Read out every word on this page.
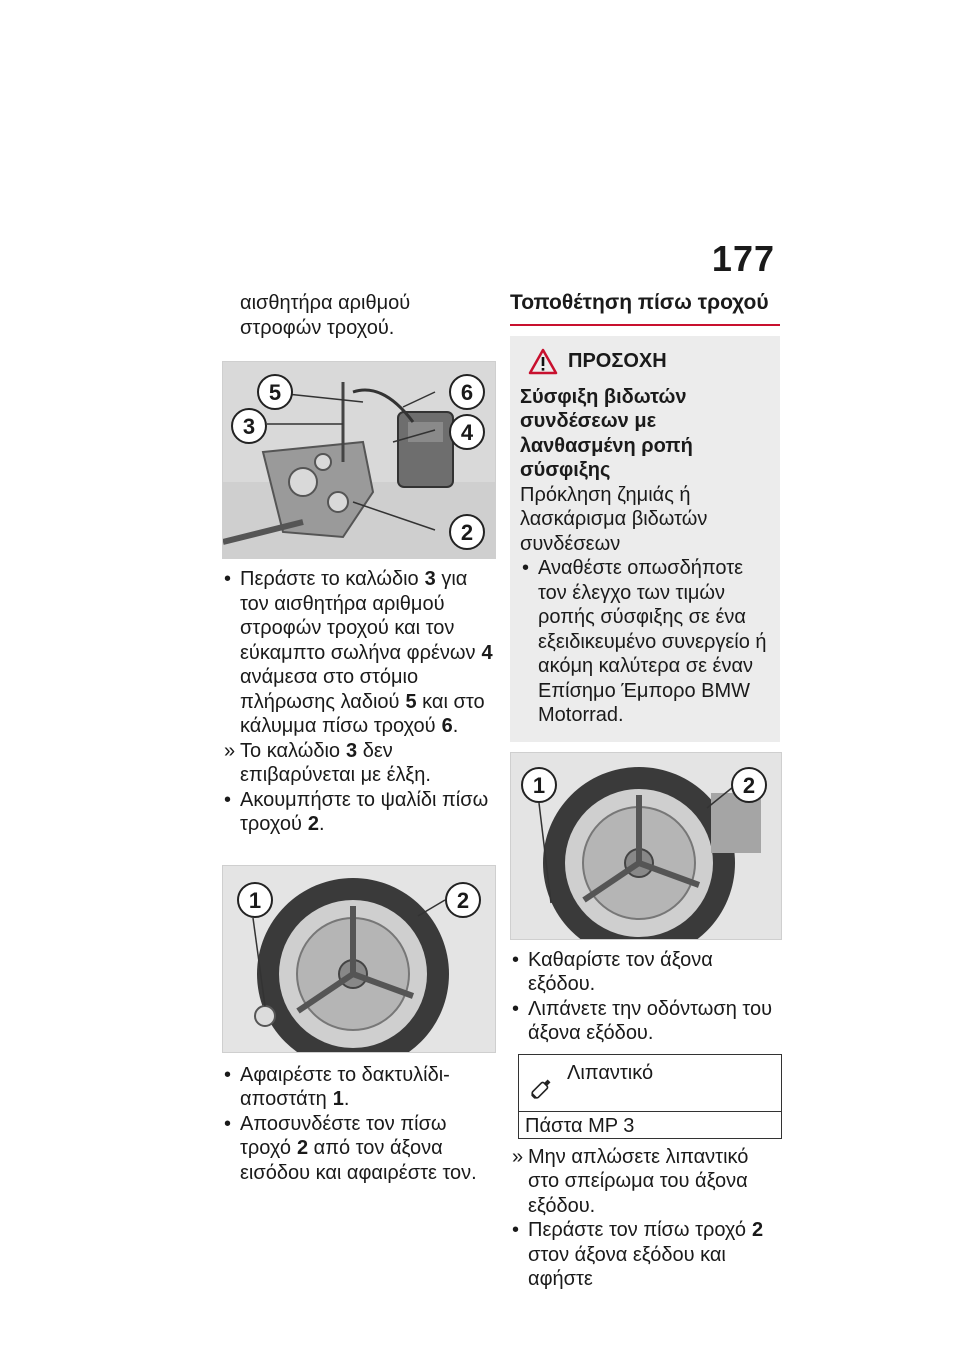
177

αισθητήρα αριθμού στροφών τροχού.

5	6
3	4
2

• Περάστε το καλώδιο 3 για τον αισθητήρα αριθμού στροφών τροχού και τον εύκαμπτο σωλήνα φρένων 4 ανάμεσα στο στόμιο πλήρωσης λαδιού 5 και στο κάλυμμα πίσω τροχού 6.

» Το καλώδιο 3 δεν επιβαρύνεται με έλξη.

• Ακουμπήστε το ψαλίδι πίσω τροχού 2.

1	2

• Αφαιρέστε το δακτυλίδι-αποστάτη 1.

• Αποσυνδέστε τον πίσω τροχό 2 από τον άξονα εισόδου και αφαιρέστε τον.

Τοποθέτηση πίσω τροχού

ΠΡΟΣΟΧΗ
Σύσφιξη βιδωτών συνδέσεων με λανθασμένη ροπή σύσφιξης

Πρόκληση ζημιάς ή λασκάρισμα βιδωτών συνδέσεων

• Αναθέστε οπωσδήποτε τον έλεγχο των τιμών ροπής σύσφιξης σε ένα εξειδικευμένο συνεργείο ή ακόμη καλύτερα σε έναν Επίσημο Έμπορο BMW Motorrad.

1	2

• Καθαρίστε τον άξονα εξόδου.

• Λιπάνετε την οδόντωση του άξονα εξόδου.

Λιπαντικό
Πάστα MP 3

» Μην απλώσετε λιπαντικό στο σπείρωμα του άξονα εξόδου.

• Περάστε τον πίσω τροχό 2 στον άξονα εξόδου και αφήστε
